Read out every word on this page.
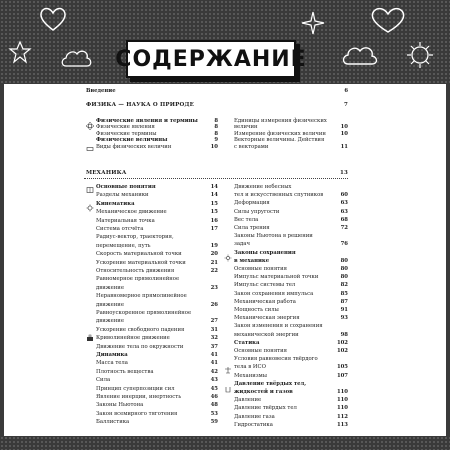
СОДЕРЖАНИЕ
Введение	6
ФИЗИКА — НАУКА О ПРИРОДЕ	7
Физические явления и термины	8
Физические явления	8
Физические термины	8
Физические величины	9
Виды физических величин	10
Единицы измерения физических
величин	10
Измерение физических величин	10
Векторные величины. Действия
с векторами	11
МЕХАНИКА	13
Основные понятия	14
Разделы механики	14
Кинематика	15
Механическое движение	15
Материальная точка	16
Система отсчёта	17
Радиус-вектор, траектория,
перемещение, путь	19
Скорость материальной точки	20
Ускорение материальной точки	21
Относительность движения	22
Равномерное прямолинейное
движение	23
Неравномерное прямолинейное
движение	26
Равноускоренное прямолинейное
движение	27
Ускорение свободного падения	31
Криволинейное движение	32
Движение тела по окружности	37
Динамика	41
Масса тела	41
Плотность вещества	42
Сила	43
Принцип суперпозиции сил	45
Явление инерции, инертность	46
Законы Ньютона	48
Закон всемирного тяготения	53
Баллистика	59
Движение небесных
тел и искусственных спутников	60
Деформация	63
Силы упругости	63
Вес тела	68
Сила трения	72
Законы Ньютона в решении
задач	76
Законы сохранения
в механике	80
Основные понятия	80
Импульс материальной точки	80
Импульс системы тел	82
Закон сохранения импульса	85
Механическая работа	87
Мощность силы	91
Механическая энергия	93
Закон изменения и сохранения
механической энергии	98
Статика	102
Основные понятия	102
Условия равновесия твёрдого
тела в ИСО	105
Механизмы	107
Давление твёрдых тел,
жидкостей и газов	110
Давление	110
Давление твёрдых тел	110
Давление газа	112
Гидростатика	113
